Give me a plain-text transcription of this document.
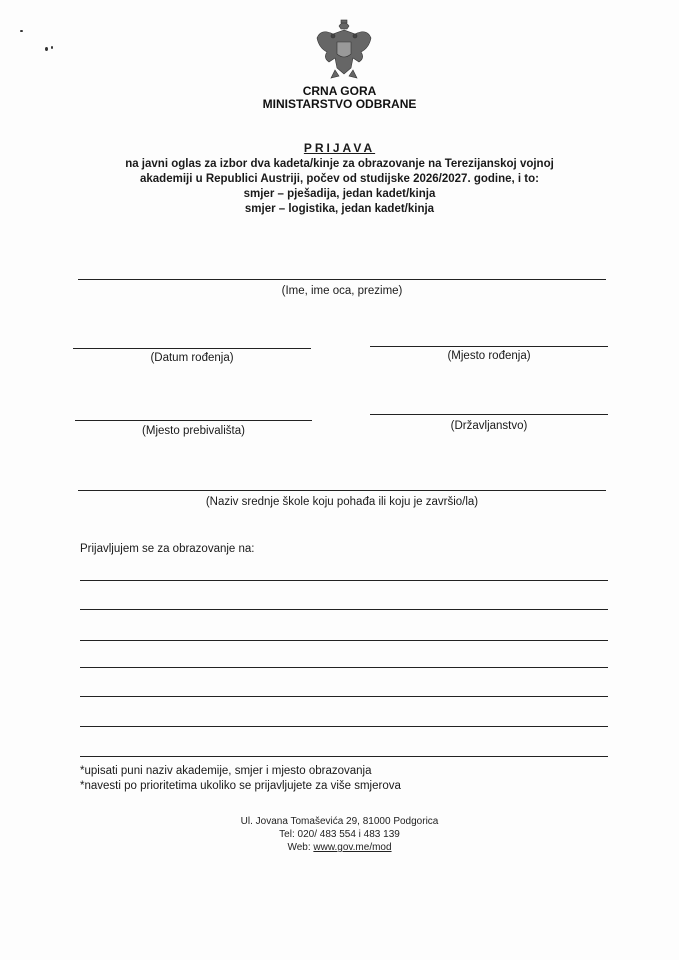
CRNA GORA
MINISTARSTVO ODBRANE
PRIJAVA
na javni oglas za izbor dva kadeta/kinje za obrazovanje na Terezijanskoj vojnoj
akademiji u Republici Austriji, počev od studijske 2026/2027. godine, i to:
smjer – pješadija, jedan kadet/kinja
smjer – logistika, jedan kadet/kinja
(Ime, ime oca, prezime)
(Datum rođenja)	(Mjesto rođenja)
(Mjesto prebivališta)	(Državljanstvo)
(Naziv srednje škole koju pohađa ili koju je završio/la)
Prijavljujem se za obrazovanje na:
*upisati puni naziv akademije, smjer i mjesto obrazovanja
*navesti po prioritetima ukoliko se prijavljujete za više smjerova
Ul. Jovana Tomaševića 29, 81000 Podgorica
Tel: 020/ 483 554 i 483 139
Web: www.gov.me/mod
